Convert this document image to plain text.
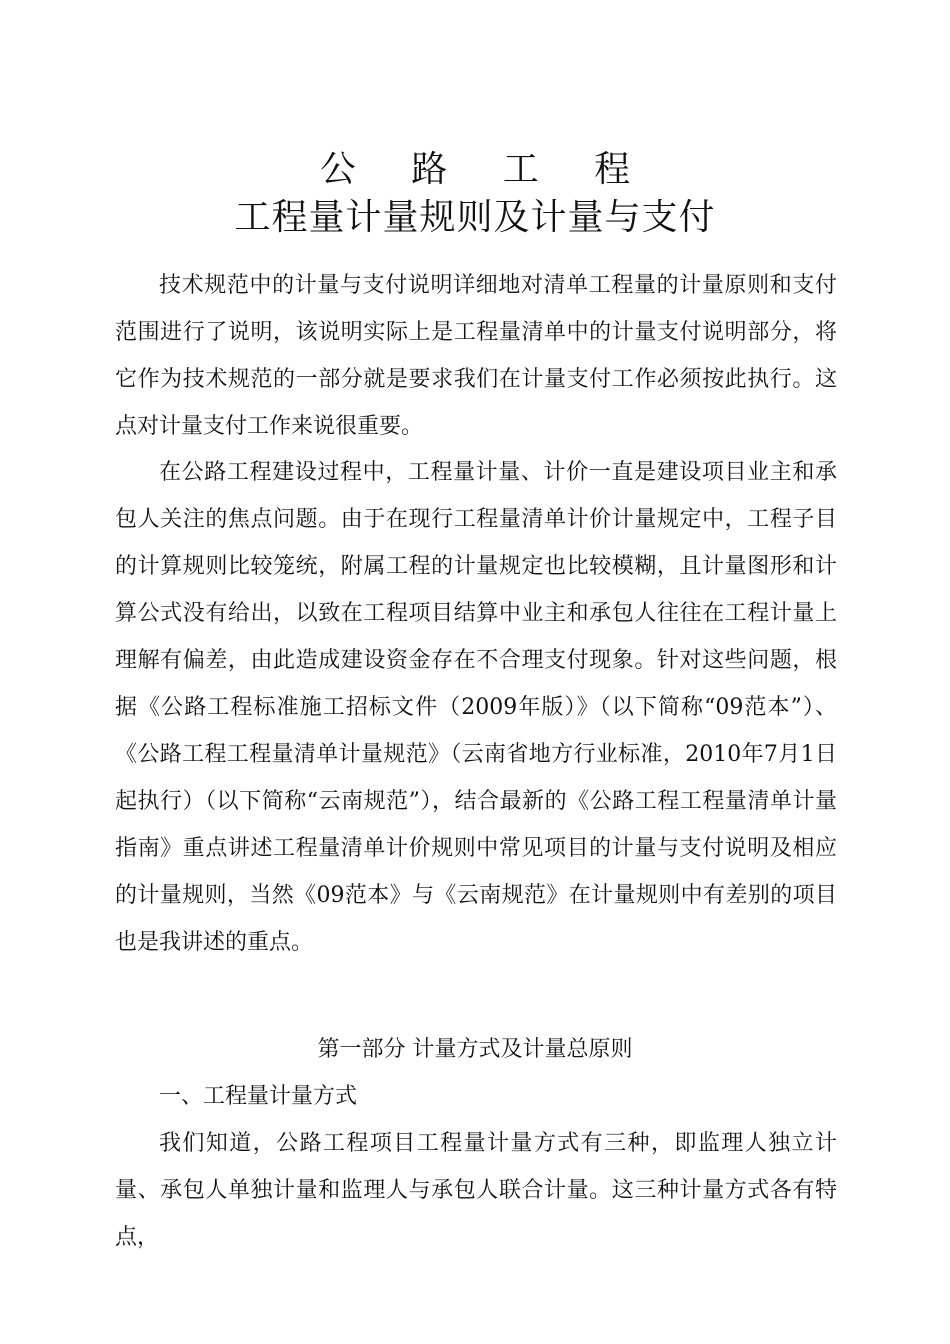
公 路 工 程
工程量计量规则及计量与支付

技术规范中的计量与支付说明详细地对清单工程量的计量原则和支付范围进行了说明，该说明实际上是工程量清单中的计量支付说明部分，将它作为技术规范的一部分就是要求我们在计量支付工作必须按此执行。这点对计量支付工作来说很重要。

在公路工程建设过程中，工程量计量、计价一直是建设项目业主和承包人关注的焦点问题。由于在现行工程量清单计价计量规定中，工程子目的计算规则比较笼统，附属工程的计量规定也比较模糊，且计量图形和计算公式没有给出，以致在工程项目结算中业主和承包人往往在工程计量上理解有偏差，由此造成建设资金存在不合理支付现象。针对这些问题，根据《公路工程标准施工招标文件（2009年版）》（以下简称“09范本”）、《公路工程工程量清单计量规范》（云南省地方行业标准，2010年7月1日起执行）（以下简称“云南规范”），结合最新的《公路工程工程量清单计量指南》重点讲述工程量清单计价规则中常见项目的计量与支付说明及相应的计量规则，当然《09范本》与《云南规范》在计量规则中有差别的项目也是我讲述的重点。

第一部分 计量方式及计量总原则
一、工程量计量方式

我们知道，公路工程项目工程量计量方式有三种，即监理人独立计量、承包人单独计量和监理人与承包人联合计量。这三种计量方式各有特点，
